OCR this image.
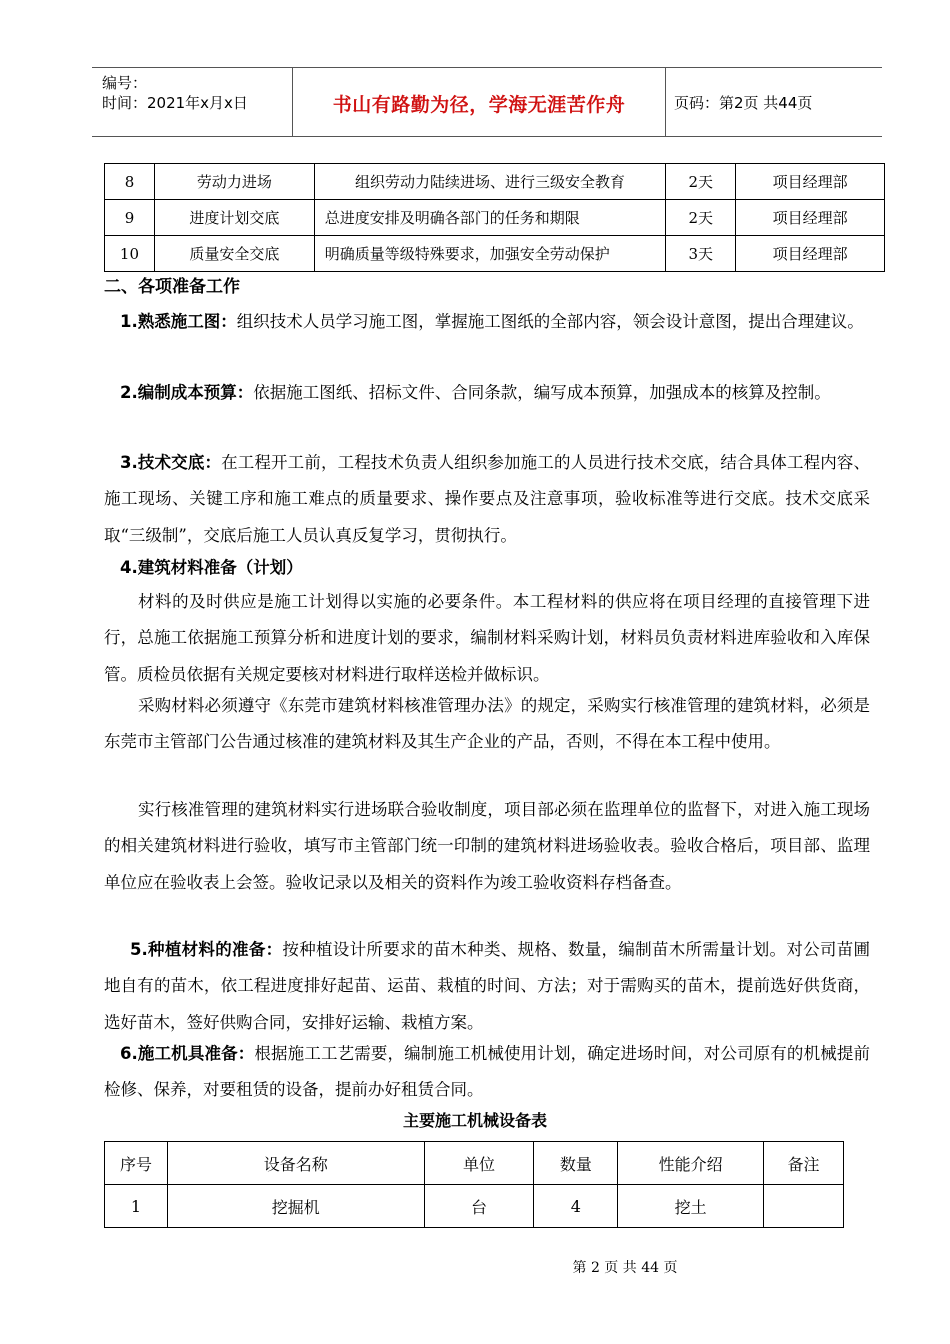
编号：
时间：2021年x月x日	书山有路勤为径，学海无涯苦作舟	页码：第2页 共44页
8	劳动力进场	组织劳动力陆续进场、进行三级安全教育	2天	项目经理部
9	进度计划交底	总进度安排及明确各部门的任务和期限	2天	项目经理部
10	质量安全交底	明确质量等级特殊要求，加强安全劳动保护	3天	项目经理部
二、各项准备工作
1.熟悉施工图：组织技术人员学习施工图，掌握施工图纸的全部内容，领会设计意图，提出合理建议。
2.编制成本预算：依据施工图纸、招标文件、合同条款，编写成本预算，加强成本的核算及控制。
3.技术交底：在工程开工前，工程技术负责人组织参加施工的人员进行技术交底，结合具体工程内容、施工现场、关键工序和施工难点的质量要求、操作要点及注意事项，验收标准等进行交底。技术交底采取“三级制”，交底后施工人员认真反复学习，贯彻执行。
4.建筑材料准备（计划）
材料的及时供应是施工计划得以实施的必要条件。本工程材料的供应将在项目经理的直接管理下进行，总施工依据施工预算分析和进度计划的要求，编制材料采购计划，材料员负责材料进库验收和入库保管。质检员依据有关规定要核对材料进行取样送检并做标识。
采购材料必须遵守《东莞市建筑材料核准管理办法》的规定，采购实行核准管理的建筑材料，必须是东莞市主管部门公告通过核准的建筑材料及其生产企业的产品，否则，不得在本工程中使用。
实行核准管理的建筑材料实行进场联合验收制度，项目部必须在监理单位的监督下，对进入施工现场的相关建筑材料进行验收，填写市主管部门统一印制的建筑材料进场验收表。验收合格后，项目部、监理单位应在验收表上会签。验收记录以及相关的资料作为竣工验收资料存档备查。
5.种植材料的准备：按种植设计所要求的苗木种类、规格、数量，编制苗木所需量计划。对公司苗圃地自有的苗木，依工程进度排好起苗、运苗、栽植的时间、方法；对于需购买的苗木，提前选好供货商，选好苗木，签好供购合同，安排好运输、栽植方案。
6.施工机具准备：根据施工工艺需要，编制施工机械使用计划，确定进场时间，对公司原有的机械提前检修、保养，对要租赁的设备，提前办好租赁合同。
主要施工机械设备表
序号	设备名称	单位	数量	性能介绍	备注
1	挖掘机	台	4	挖土	
第 2 页 共 44 页
